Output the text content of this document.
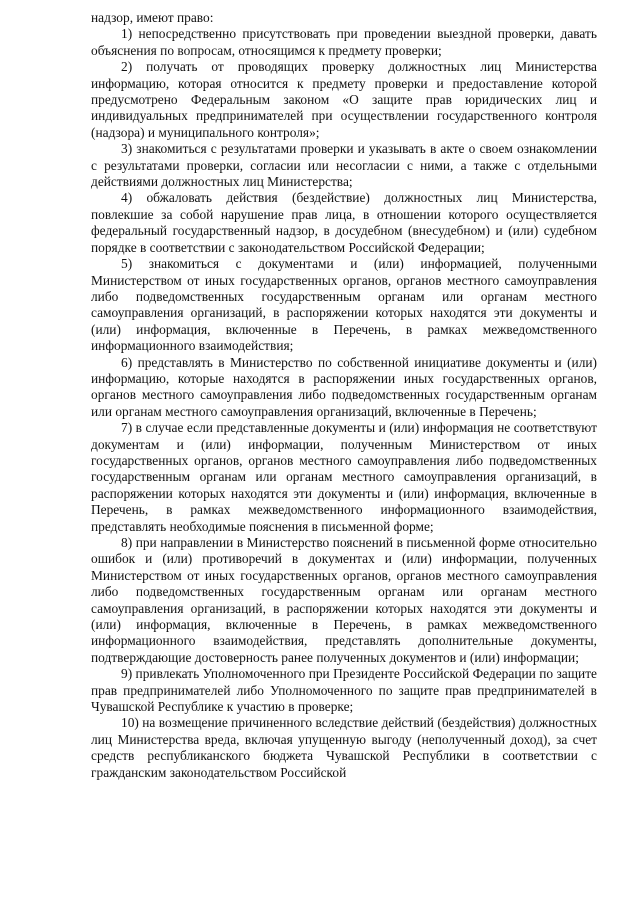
надзор, имеют право:

1) непосредственно присутствовать при проведении выездной проверки, давать объяснения по вопросам, относящимся к предмету проверки;

2) получать от проводящих проверку должностных лиц Министерства информацию, которая относится к предмету проверки и предоставление которой предусмотрено Федеральным законом «О защите прав юридических лиц и индивидуальных предпринимателей при осуществлении государственного контроля (надзора) и муниципального контроля»;

3) знакомиться с результатами проверки и указывать в акте о своем ознакомлении с результатами проверки, согласии или несогласии с ними, а также с отдельными действиями должностных лиц Министерства;

4) обжаловать действия (бездействие) должностных лиц Министерства, повлекшие за собой нарушение прав лица, в отношении которого осуществляется федеральный государственный надзор, в досудебном (внесудебном) и (или) судебном порядке в соответствии с законодательством Российской Федерации;

5) знакомиться с документами и (или) информацией, полученными Министерством от иных государственных органов, органов местного самоуправления либо подведомственных государственным органам или органам местного самоуправления организаций, в распоряжении которых находятся эти документы и (или) информация, включенные в Перечень, в рамках межведомственного информационного взаимодействия;

6) представлять в Министерство по собственной инициативе документы и (или) информацию, которые находятся в распоряжении иных государственных органов, органов местного самоуправления либо подведомственных государственным органам или органам местного самоуправления организаций, включенные в Перечень;

7) в случае если представленные документы и (или) информация не соответствуют документам и (или) информации, полученным Министерством от иных государственных органов, органов местного самоуправления либо подведомственных государственным органам или органам местного самоуправления организаций, в распоряжении которых находятся эти документы и (или) информация, включенные в Перечень, в рамках межведомственного информационного взаимодействия, представлять необходимые пояснения в письменной форме;

8) при направлении в Министерство пояснений в письменной форме относительно ошибок и (или) противоречий в документах и (или) информации, полученных Министерством от иных государственных органов, органов местного самоуправления либо подведомственных государственным органам или органам местного самоуправления организаций, в распоряжении которых находятся эти документы и (или) информация, включенные в Перечень, в рамках межведомственного информационного взаимодействия, представлять дополнительные документы, подтверждающие достоверность ранее полученных документов и (или) информации;

9) привлекать Уполномоченного при Президенте Российской Федерации по защите прав предпринимателей либо Уполномоченного по защите прав предпринимателей в Чувашской Республике к участию в проверке;

10) на возмещение причиненного вследствие действий (бездействия) должностных лиц Министерства вреда, включая упущенную выгоду (неполученный доход), за счет средств республиканского бюджета Чувашской Республики в соответствии с гражданским законодательством Российской
